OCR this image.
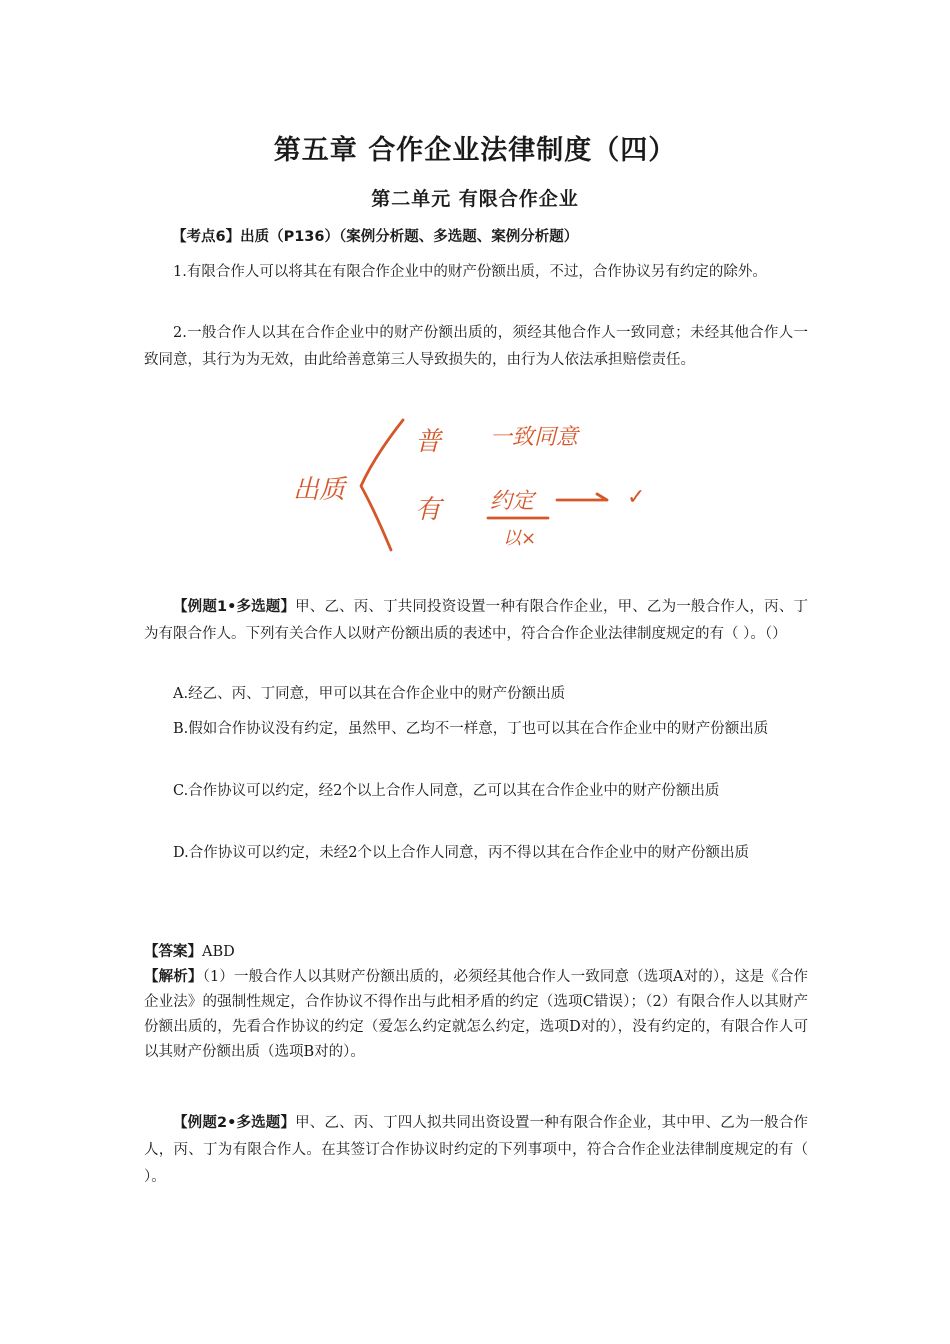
第五章 合作企业法律制度（四）
第二单元 有限合作企业
【考点6】出质（P136）（案例分析题、多选题、案例分析题）

1.有限合作人可以将其在有限合作企业中的财产份额出质，不过，合作协议另有约定的除外。

2.一般合作人以其在合作企业中的财产份额出质的，须经其他合作人一致同意；未经其他合作人一致同意，其行为为无效，由此给善意第三人导致损失的，由行为人依法承担赔偿责任。

出质
普 一致同意
有 约定
以×
✓

【例题1•多选题】甲、乙、丙、丁共同投资设置一种有限合作企业，甲、乙为一般合作人，丙、丁为有限合作人。下列有关合作人以财产份额出质的表述中，符合合作企业法律制度规定的有（ ）。（）

A.经乙、丙、丁同意，甲可以其在合作企业中的财产份额出质

B.假如合作协议没有约定，虽然甲、乙均不一样意，丁也可以其在合作企业中的财产份额出质

C.合作协议可以约定，经2个以上合作人同意，乙可以其在合作企业中的财产份额出质

D.合作协议可以约定，未经2个以上合作人同意，丙不得以其在合作企业中的财产份额出质

【答案】ABD

【解析】（1）一般合作人以其财产份额出质的，必须经其他合作人一致同意（选项A对的），这是《合作企业法》的强制性规定，合作协议不得作出与此相矛盾的约定（选项C错误）；（2）有限合作人以其财产份额出质的，先看合作协议的约定（爱怎么约定就怎么约定，选项D对的），没有约定的，有限合作人可以其财产份额出质（选项B对的）。

【例题2•多选题】甲、乙、丙、丁四人拟共同出资设置一种有限合作企业，其中甲、乙为一般合作人，丙、丁为有限合作人。在其签订合作协议时约定的下列事项中，符合合作企业法律制度规定的有（ ）。
